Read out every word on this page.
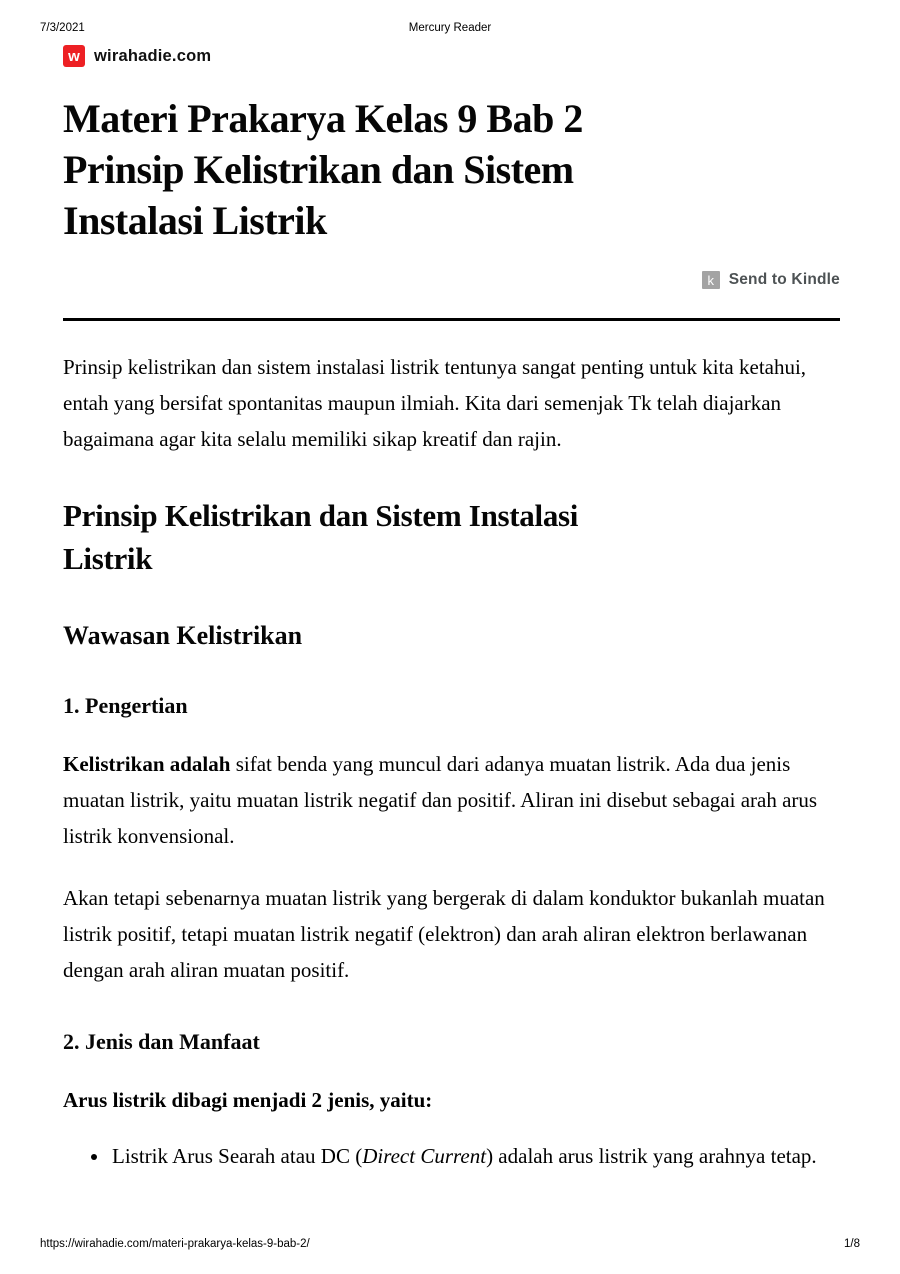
7/3/2021	Mercury Reader
w wirahadie.com
Materi Prakarya Kelas 9 Bab 2
Prinsip Kelistrikan dan Sistem
Instalasi Listrik
k Send to Kindle

Prinsip kelistrikan dan sistem instalasi listrik tentunya sangat penting untuk kita ketahui, entah yang bersifat spontanitas maupun ilmiah. Kita dari semenjak Tk telah diajarkan bagaimana agar kita selalu memiliki sikap kreatif dan rajin.

Prinsip Kelistrikan dan Sistem Instalasi
Listrik
Wawasan Kelistrikan
1. Pengertian

Kelistrikan adalah sifat benda yang muncul dari adanya muatan listrik. Ada dua jenis muatan listrik, yaitu muatan listrik negatif dan positif. Aliran ini disebut sebagai arah arus listrik konvensional.

Akan tetapi sebenarnya muatan listrik yang bergerak di dalam konduktor bukanlah muatan listrik positif, tetapi muatan listrik negatif (elektron) dan arah aliran elektron berlawanan dengan arah aliran muatan positif.

2. Jenis dan Manfaat

Arus listrik dibagi menjadi 2 jenis, yaitu:

• Listrik Arus Searah atau DC (Direct Current) adalah arus listrik yang arahnya tetap.
https://wirahadie.com/materi-prakarya-kelas-9-bab-2/	1/8
